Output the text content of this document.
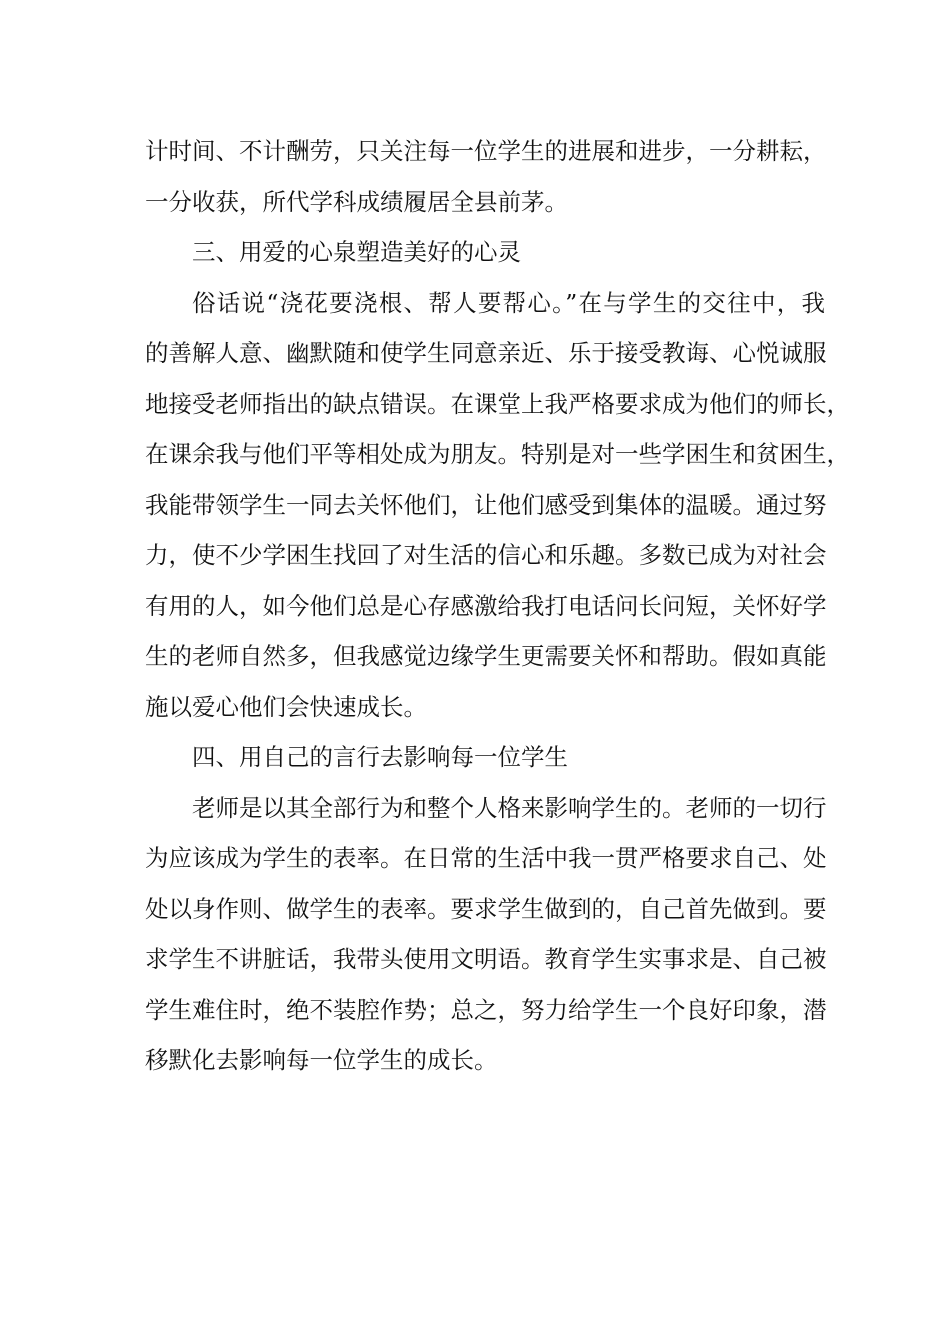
计时间、不计酬劳，只关注每一位学生的进展和进步，一分耕耘，
一分收获，所代学科成绩履居全县前茅。
三、用爱的心泉塑造美好的心灵
俗话说“浇花要浇根、帮人要帮心。”在与学生的交往中，我
的善解人意、幽默随和使学生同意亲近、乐于接受教诲、心悦诚服
地接受老师指出的缺点错误。在课堂上我严格要求成为他们的师长，
在课余我与他们平等相处成为朋友。特别是对一些学困生和贫困生，
我能带领学生一同去关怀他们，让他们感受到集体的温暖。通过努
力，使不少学困生找回了对生活的信心和乐趣。多数已成为对社会
有用的人，如今他们总是心存感激给我打电话问长问短，关怀好学
生的老师自然多，但我感觉边缘学生更需要关怀和帮助。假如真能
施以爱心他们会快速成长。
四、用自己的言行去影响每一位学生
老师是以其全部行为和整个人格来影响学生的。老师的一切行
为应该成为学生的表率。在日常的生活中我一贯严格要求自己、处
处以身作则、做学生的表率。要求学生做到的，自己首先做到。要
求学生不讲脏话，我带头使用文明语。教育学生实事求是、自己被
学生难住时，绝不装腔作势；总之，努力给学生一个良好印象，潜
移默化去影响每一位学生的成长。
